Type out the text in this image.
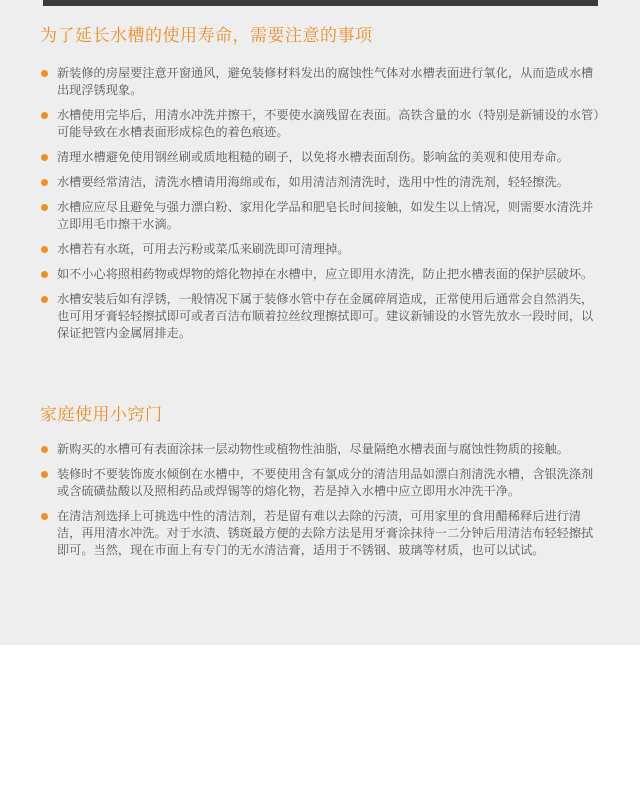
为了延长水槽的使用寿命，需要注意的事项
新装修的房屋要注意开窗通风，避免装修材料发出的腐蚀性气体对水槽表面进行氧化，从而造成水槽出现浮锈现象。
水槽使用完毕后，用清水冲洗并擦干，不要使水滴残留在表面。高铁含量的水（特别是新铺设的水管）可能导致在水槽表面形成棕色的着色痕迹。
清理水槽避免使用钢丝刷或质地粗糙的刷子，以免将水槽表面刮伤。影响盆的美观和使用寿命。
水槽要经常清洁，清洗水槽请用海绵或布，如用清洁剂清洗时，选用中性的清洗剂，轻轻擦洗。
水槽应应尽且避免与强力漂白粉、家用化学品和肥皂长时间接触，如发生以上情况，则需要水清洗并立即用毛巾擦干水滴。
水槽若有水斑，可用去污粉或菜瓜来刷洗即可清理掉。
如不小心将照相药物或焊物的熔化物掉在水槽中，应立即用水清洗，防止把水槽表面的保护层破坏。
水槽安装后如有浮锈，一般情况下属于装修水管中存在金属碎屑造成，正常使用后通常会自然消失，也可用牙膏轻轻擦拭即可或者百洁布顺着拉丝纹理擦拭即可。建议新铺设的水管先放水一段时间，以保证把管内金属屑排走。
家庭使用小窍门
新购买的水槽可有表面涂抹一层动物性或植物性油脂，尽量隔绝水槽表面与腐蚀性物质的接触。
装修时不要装饰废水倾倒在水槽中，不要使用含有氯成分的清洁用品如漂白剂清洗水槽，含银洗涤剂或含硫磺盐酸以及照相药品或焊锡等的熔化物，若是掉入水槽中应立即用水冲洗干净。
在清洁剂选择上可挑选中性的清洁剂，若是留有难以去除的污渍，可用家里的食用醋稀释后进行清洁，再用清水冲洗。对于水渍、锈斑最方便的去除方法是用牙膏涂抹待一二分钟后用清洁布轻轻擦拭即可。当然，现在市面上有专门的无水清洁膏，适用于不锈钢、玻璃等材质，也可以试试。
